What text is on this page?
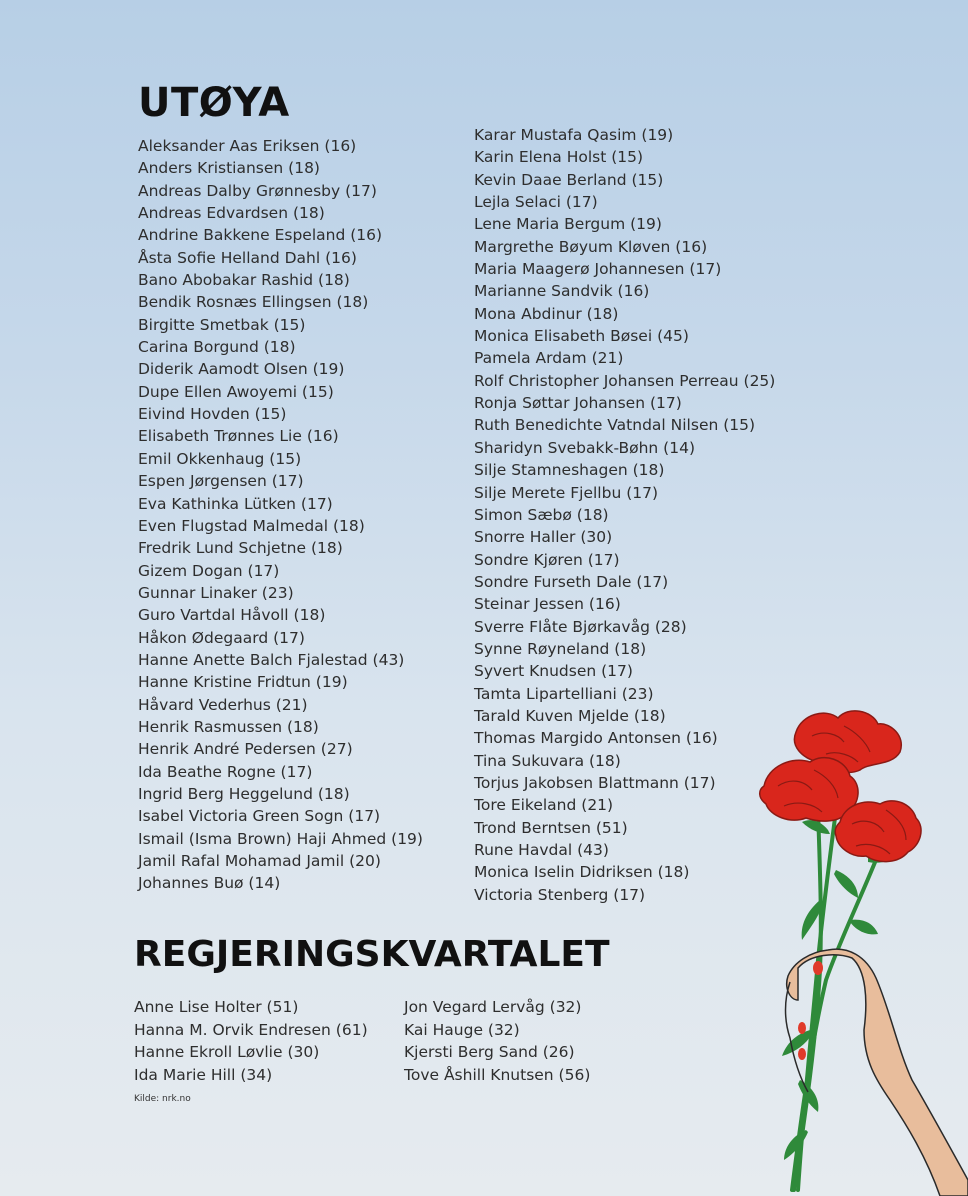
UTØYA
Aleksander Aas Eriksen (16)
Anders Kristiansen (18)
Andreas Dalby Grønnesby (17)
Andreas Edvardsen (18)
Andrine Bakkene Espeland (16)
Åsta Sofie Helland Dahl (16)
Bano Abobakar Rashid (18)
Bendik Rosnæs Ellingsen (18)
Birgitte Smetbak (15)
Carina Borgund (18)
Diderik Aamodt Olsen (19)
Dupe Ellen Awoyemi (15)
Eivind Hovden (15)
Elisabeth Trønnes Lie (16)
Emil Okkenhaug (15)
Espen Jørgensen (17)
Eva Kathinka Lütken (17)
Even Flugstad Malmedal (18)
Fredrik Lund Schjetne (18)
Gizem Dogan (17)
Gunnar Linaker (23)
Guro Vartdal Håvoll (18)
Håkon Ødegaard (17)
Hanne Anette Balch Fjalestad (43)
Hanne Kristine Fridtun (19)
Håvard Vederhus (21)
Henrik Rasmussen (18)
Henrik André Pedersen (27)
Ida Beathe Rogne (17)
Ingrid Berg Heggelund (18)
Isabel Victoria Green Sogn (17)
Ismail (Isma Brown) Haji Ahmed (19)
Jamil Rafal Mohamad Jamil (20)
Johannes Buø (14)
Karar Mustafa Qasim (19)
Karin Elena Holst (15)
Kevin Daae Berland (15)
Lejla Selaci (17)
Lene Maria Bergum (19)
Margrethe Bøyum Kløven (16)
Maria Maagerø Johannesen (17)
Marianne Sandvik (16)
Mona Abdinur (18)
Monica Elisabeth Bøsei (45)
Pamela Ardam (21)
Rolf Christopher Johansen Perreau (25)
Ronja Søttar Johansen (17)
Ruth Benedichte Vatndal Nilsen (15)
Sharidyn Svebakk-Bøhn (14)
Silje Stamneshagen (18)
Silje Merete Fjellbu (17)
Simon Sæbø (18)
Snorre Haller (30)
Sondre Kjøren (17)
Sondre Furseth Dale (17)
Steinar Jessen (16)
Sverre Flåte Bjørkavåg (28)
Synne Røyneland (18)
Syvert Knudsen (17)
Tamta Lipartelliani (23)
Tarald Kuven Mjelde (18)
Thomas Margido Antonsen (16)
Tina Sukuvara (18)
Torjus Jakobsen Blattmann (17)
Tore Eikeland (21)
Trond Berntsen (51)
Rune Havdal (43)
Monica Iselin Didriksen (18)
Victoria Stenberg (17)
REGJERINGSKVARTALET
Anne Lise Holter (51)
Hanna M. Orvik Endresen (61)
Hanne Ekroll Løvlie (30)
Ida Marie Hill (34)
Jon Vegard Lervåg (32)
Kai Hauge (32)
Kjersti Berg Sand (26)
Tove Åshill Knutsen (56)
Kilde: nrk.no
